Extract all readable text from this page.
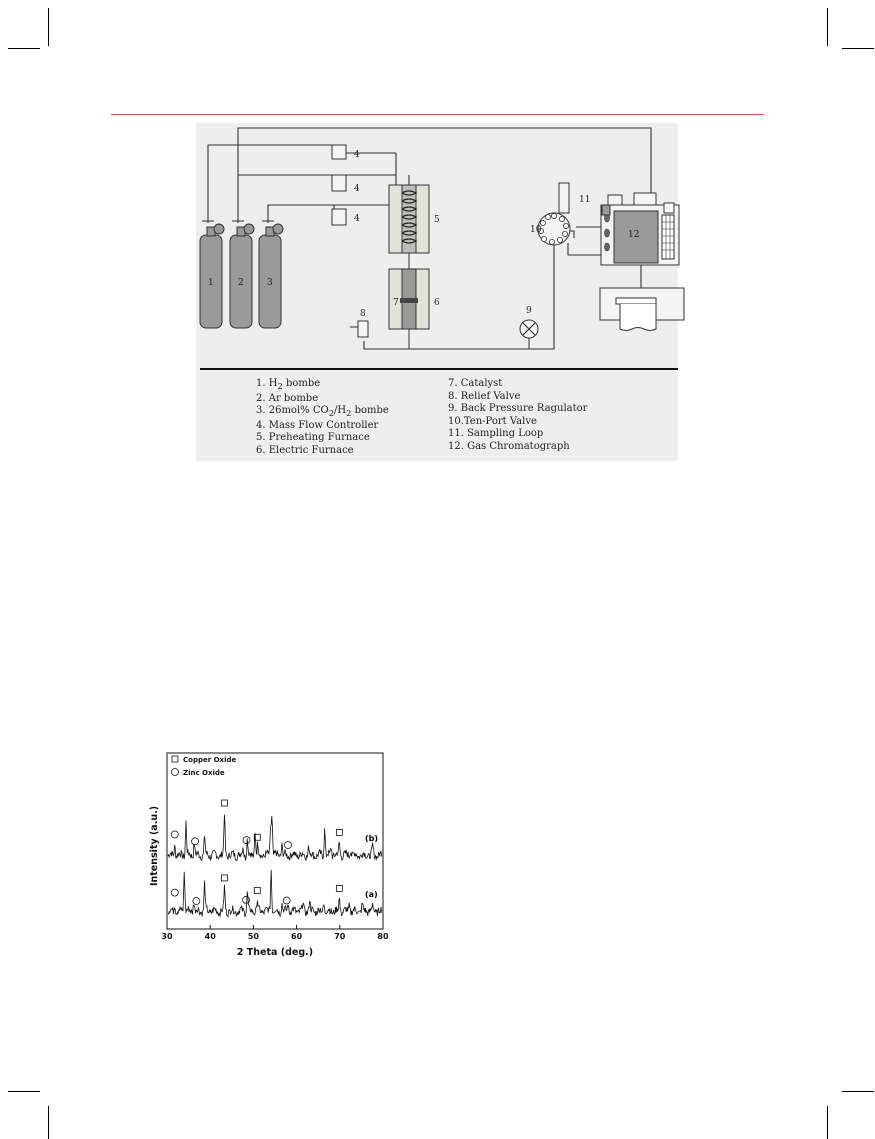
1	2	3
4
4
4	5
6
7
8	9
10
11
12
1. $H_2$ bombe
2. Ar bombe
3. 26mol% $CO_2/H_2$ bombe
4. Mass Flow Controller
5. Preheating Furnace
6. Electric Furnace
7. Catalyst
8. Relief Valve
9. Back Pressure Ragulator
10.Ten-Port Valve
11. Sampling Loop
12. Gas Chromatograph
Copper Oxide
Zinc Oxide
30	40	50	60	70	80
(b)
(a)
2 Theta (deg.)
Intensity (a.u.)
